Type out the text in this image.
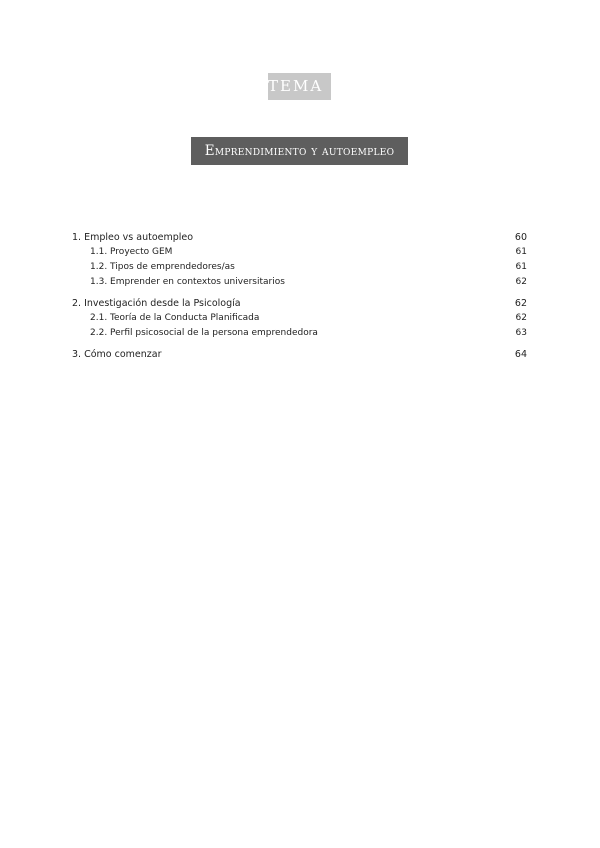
TEMA 7
Emprendimiento y autoempleo
1. Empleo vs autoempleo	60
1.1. Proyecto GEM	61
1.2. Tipos de emprendedores/as	61
1.3. Emprender en contextos universitarios	62
2. Investigación desde la Psicología	62
2.1. Teoría de la Conducta Planificada	62
2.2. Perfil psicosocial de la persona emprendedora	63
3. Cómo comenzar	64
